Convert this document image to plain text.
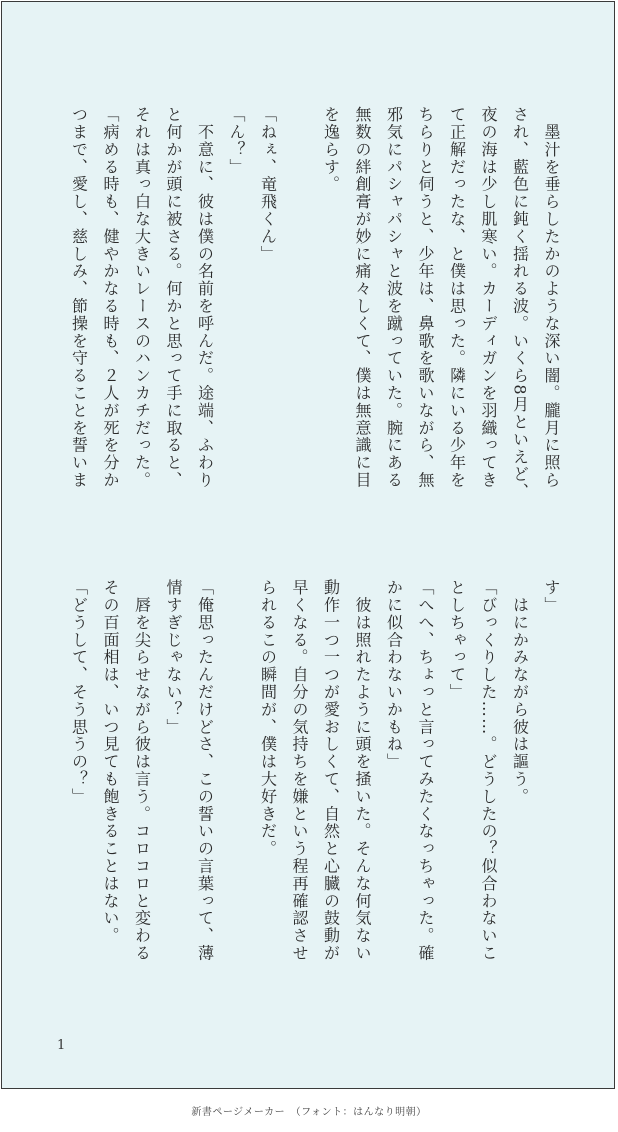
　墨汁を垂らしたかのような深い闇。朧月に照ら
され、藍色に鈍く揺れる波。いくら8月といえど、
夜の海は少し肌寒い。カーディガンを羽織ってき
て正解だったな、と僕は思った。隣にいる少年を
ちらりと伺うと、少年は、鼻歌を歌いながら、無
邪気にパシャパシャと波を蹴っていた。腕にある
無数の絆創膏が妙に痛々しくて、僕は無意識に目
を逸らす。

「ねぇ、竜飛くん」
「ん？」
　不意に、彼は僕の名前を呼んだ。途端、ふわり
と何かが頭に被さる。何かと思って手に取ると、
それは真っ白な大きいレースのハンカチだった。
「病める時も、健やかなる時も、２人が死を分か
つまで、愛し、慈しみ、節操を守ることを誓いま
す」
　はにかみながら彼は謳う。
「びっくりした……。どうしたの？似合わないこ
としちゃって」
「へへ、ちょっと言ってみたくなっちゃった。確
かに似合わないかもね」
　彼は照れたように頭を掻いた。そんな何気ない
動作一つ一つが愛おしくて、自然と心臓の鼓動が
早くなる。自分の気持ちを嫌という程再確認させ
られるこの瞬間が、僕は大好きだ。

「俺思ったんだけどさ、この誓いの言葉って、薄
情すぎじゃない？」
　唇を尖らせながら彼は言う。コロコロと変わる
その百面相は、いつ見ても飽きることはない。
「どうして、そう思うの？」
1
新書ページメーカー　（フォント：はんなり明朝）
